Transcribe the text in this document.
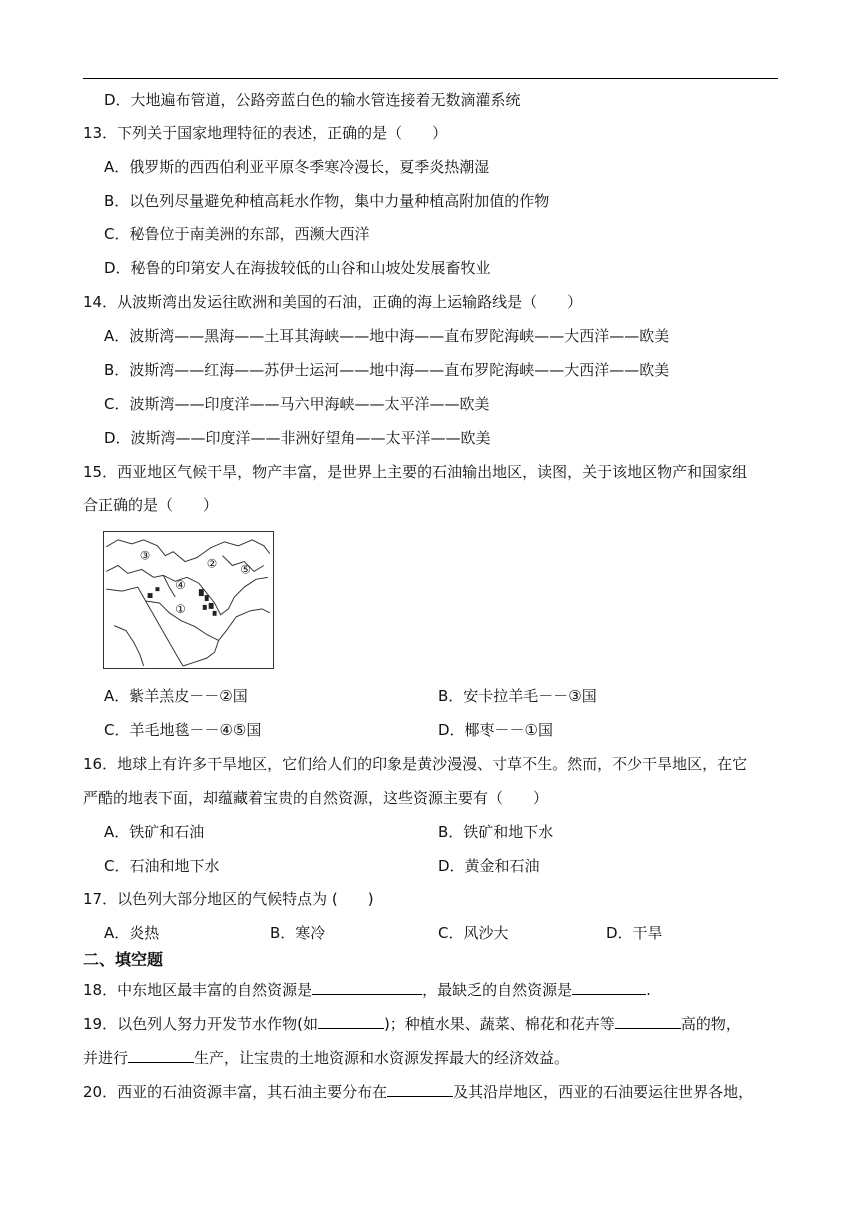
D．大地遍布管道，公路旁蓝白色的输水管连接着无数滴灌系统
13．下列关于国家地理特征的表述，正确的是（　　）
A．俄罗斯的西西伯利亚平原冬季寒冷漫长，夏季炎热潮湿
B．以色列尽量避免种植高耗水作物，集中力量种植高附加值的作物
C．秘鲁位于南美洲的东部，西濒大西洋
D．秘鲁的印第安人在海拔较低的山谷和山坡处发展畜牧业
14．从波斯湾出发运往欧洲和美国的石油，正确的海上运输路线是（　　）
A．波斯湾——黑海——土耳其海峡——地中海——直布罗陀海峡——大西洋——欧美
B．波斯湾——红海——苏伊士运河——地中海——直布罗陀海峡——大西洋——欧美
C．波斯湾——印度洋——马六甲海峡——太平洋——欧美
D．波斯湾——印度洋——非洲好望角——太平洋——欧美
15．西亚地区气候干旱，物产丰富，是世界上主要的石油输出地区，读图，关于该地区物产和国家组
合正确的是（　　）
③
② ⑤
④
①
A．紫羊羔皮－－②国	B．安卡拉羊毛－－③国
C．羊毛地毯－－④⑤国	D．椰枣－－①国
16．地球上有许多干旱地区，它们给人们的印象是黄沙漫漫、寸草不生。然而，不少干旱地区，在它
严酷的地表下面，却蕴藏着宝贵的自然资源，这些资源主要有（　　）
A．铁矿和石油	B．铁矿和地下水
C．石油和地下水	D．黄金和石油
17．以色列大部分地区的气候特点为 (　　)
A．炎热	B．寒冷	C．风沙大	D．干旱
二、填空题
18．中东地区最丰富的自然资源是	，最缺乏的自然资源是	.
19．以色列人努力开发节水作物(如	)；种植水果、蔬菜、棉花和花卉等	高的物，
并进行	生产，让宝贵的土地资源和水资源发挥最大的经济效益。
20．西亚的石油资源丰富，其石油主要分布在	及其沿岸地区，西亚的石油要运往世界各地，
